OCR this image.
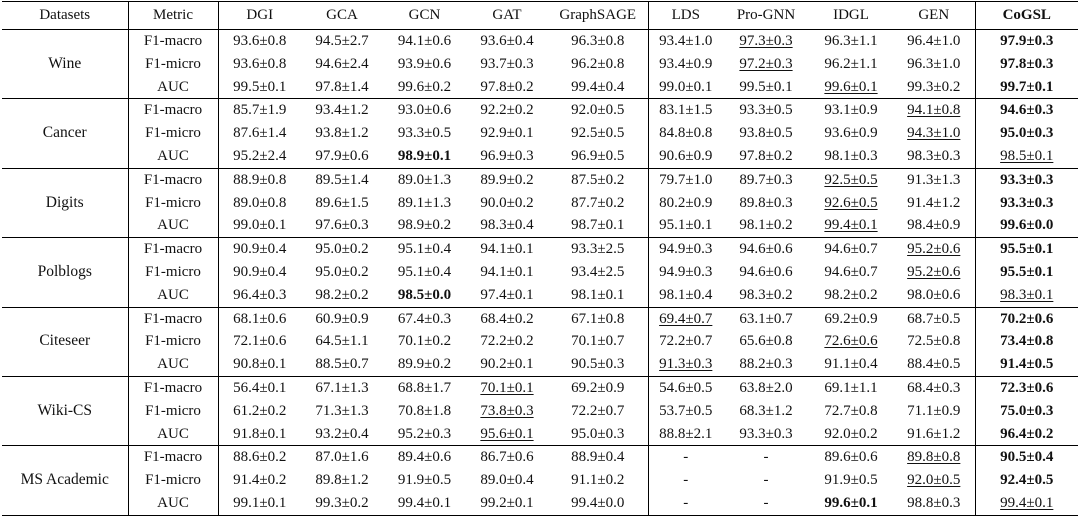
Datasets	Metric	DGI	GCA	GCN	GAT	GraphSAGE	LDS	Pro-GNN	IDGL	GEN	CoGSL
Wine	F1-macro	93.6±0.8	94.5±2.7	94.1±0.6	93.6±0.4	96.3±0.8	93.4±1.0	97.3±0.3	96.3±1.1	96.4±1.0	97.9±0.3
	F1-micro	93.6±0.8	94.6±2.4	93.9±0.6	93.7±0.3	96.2±0.8	93.4±0.9	97.2±0.3	96.2±1.1	96.3±1.0	97.8±0.3
	AUC	99.5±0.1	97.8±1.4	99.6±0.2	97.8±0.2	99.4±0.4	99.0±0.1	99.5±0.1	99.6±0.1	99.3±0.2	99.7±0.1
Cancer	F1-macro	85.7±1.9	93.4±1.2	93.0±0.6	92.2±0.2	92.0±0.5	83.1±1.5	93.3±0.5	93.1±0.9	94.1±0.8	94.6±0.3
	F1-micro	87.6±1.4	93.8±1.2	93.3±0.5	92.9±0.1	92.5±0.5	84.8±0.8	93.8±0.5	93.6±0.9	94.3±1.0	95.0±0.3
	AUC	95.2±2.4	97.9±0.6	98.9±0.1	96.9±0.3	96.9±0.5	90.6±0.9	97.8±0.2	98.1±0.3	98.3±0.3	98.5±0.1
Digits	F1-macro	88.9±0.8	89.5±1.4	89.0±1.3	89.9±0.2	87.5±0.2	79.7±1.0	89.7±0.3	92.5±0.5	91.3±1.3	93.3±0.3
	F1-micro	89.0±0.8	89.6±1.5	89.1±1.3	90.0±0.2	87.7±0.2	80.2±0.9	89.8±0.3	92.6±0.5	91.4±1.2	93.3±0.3
	AUC	99.0±0.1	97.6±0.3	98.9±0.2	98.3±0.4	98.7±0.1	95.1±0.1	98.1±0.2	99.4±0.1	98.4±0.9	99.6±0.0
Polblogs	F1-macro	90.9±0.4	95.0±0.2	95.1±0.4	94.1±0.1	93.3±2.5	94.9±0.3	94.6±0.6	94.6±0.7	95.2±0.6	95.5±0.1
	F1-micro	90.9±0.4	95.0±0.2	95.1±0.4	94.1±0.1	93.4±2.5	94.9±0.3	94.6±0.6	94.6±0.7	95.2±0.6	95.5±0.1
	AUC	96.4±0.3	98.2±0.2	98.5±0.0	97.4±0.1	98.1±0.1	98.1±0.4	98.3±0.2	98.2±0.2	98.0±0.6	98.3±0.1
Citeseer	F1-macro	68.1±0.6	60.9±0.9	67.4±0.3	68.4±0.2	67.1±0.8	69.4±0.7	63.1±0.7	69.2±0.9	68.7±0.5	70.2±0.6
	F1-micro	72.1±0.6	64.5±1.1	70.1±0.2	72.2±0.2	70.1±0.7	72.2±0.7	65.6±0.8	72.6±0.6	72.5±0.8	73.4±0.8
	AUC	90.8±0.1	88.5±0.7	89.9±0.2	90.2±0.1	90.5±0.3	91.3±0.3	88.2±0.3	91.1±0.4	88.4±0.5	91.4±0.5
Wiki-CS	F1-macro	56.4±0.1	67.1±1.3	68.8±1.7	70.1±0.1	69.2±0.9	54.6±0.5	63.8±2.0	69.1±1.1	68.4±0.3	72.3±0.6
	F1-micro	61.2±0.2	71.3±1.3	70.8±1.8	73.8±0.3	72.2±0.7	53.7±0.5	68.3±1.2	72.7±0.8	71.1±0.9	75.0±0.3
	AUC	91.8±0.1	93.2±0.4	95.2±0.3	95.6±0.1	95.0±0.3	88.8±2.1	93.3±0.3	92.0±0.2	91.6±1.2	96.4±0.2
MS Academic	F1-macro	88.6±0.2	87.0±1.6	89.4±0.6	86.7±0.6	88.9±0.4	-	-	89.6±0.6	89.8±0.8	90.5±0.4
	F1-micro	91.4±0.2	89.8±1.2	91.9±0.5	89.0±0.4	91.1±0.2	-	-	91.9±0.5	92.0±0.5	92.4±0.5
	AUC	99.1±0.1	99.3±0.2	99.4±0.1	99.2±0.1	99.4±0.0	-	-	99.6±0.1	98.8±0.3	99.4±0.1
